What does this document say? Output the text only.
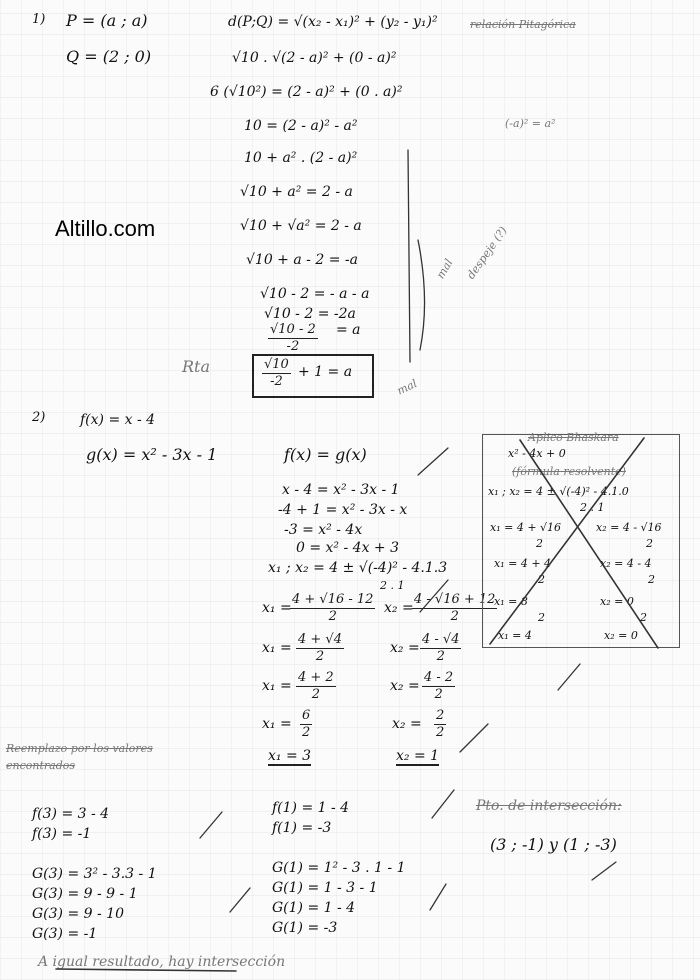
Altillo.com
1) P = (a ; a)
Q = (2 ; 0)
d(P;Q) = √(x₂ - x₁)² + (y₂ - y₁)²	relación Pitagórica
√10 . √(2 - a)² + (0 - a)²
6 (√10²) = (2 - a)² + (0 . a)²
10 = (2 - a)² - a²	(-a)² = a²
10 + a² . (2 - a)²
√10 + a² = 2 - a
√10 + √a² = 2 - a
√10 + a - 2 = -a
√10 - 2 = - a - a
√10 - 2 = -2a
$\frac{√10 - 2}{-2} = a$
Rta	$\frac{√10}{-2} + 1 = a$
mal despeje (?)
mal
2) f(x) = x - 4
g(x) = x² - 3x - 1	f(x) = g(x)
x - 4 = x² - 3x - 1
-4 + 1 = x² - 3x - x
-3 = x² - 4x
0 = x² - 4x + 3
x₁ ; x₂ = 4 ± √(-4)² - 4.1.3
2 . 1
x₁ =
$\frac{4 + √16 - 12}{2} x_2$ =
$\frac{4 - √16 + 12}{2}$
$x_1 = \frac{4 + √4}{2}$	$x_2 = \frac{4 - √4}{2}$
$x_1 = \frac{4 + 2}{2}$	$x_2 = \frac{4 - 2}{2}$
$x_1 = \frac{6}{2}$	$x_2 = \frac{2}{2}$
x₁ = 3	x₂ = 1
Aplico Bhaskara
x² - 4x + 0
(fórmula resolvente)
x₁ ; x₂ = 4 ± √(-4)² - 4.1.0
2 . 1
x₁ = 4 + √16
2
x₂ = 4 - √16
2
x₁ = 4 + 4
2
x₂ = 4 - 4
2
x₁ = 8
2
x₂ = 0
2
x₁ = 4	x₂ = 0
Reemplazo por los valores encontrados
f(3) = 3 - 4
f(3) = -1
f(1) = 1 - 4
f(1) = -3
G(3) = 3² - 3.3 - 1
G(3) = 9 - 9 - 1
G(3) = 9 - 10
G(3) = -1
G(1) = 1² - 3 . 1 - 1
G(1) = 1 - 3 - 1
G(1) = 1 - 4
G(1) = -3
Pto. de intersección:
(3 ; -1) y (1 ; -3)
A igual resultado, hay intersección
